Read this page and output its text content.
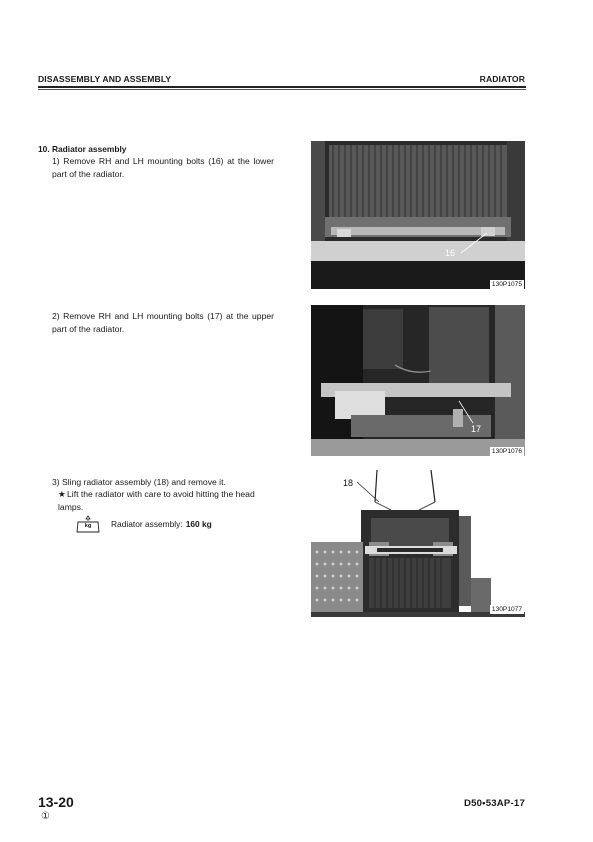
DISASSEMBLY AND ASSEMBLY	RADIATOR
10. Radiator assembly
1) Remove RH and LH mounting bolts (16) at the lower part of the radiator.
2) Remove RH and LH mounting bolts (17) at the upper part of the radiator.
3) Sling radiator assembly (18) and remove it.
★Lift the radiator with care to avoid hitting the head lamps.
kg	Radiator assembly: 160 kg
16
130P1075
17
130P1076
18
130P1077
13-20
①
D50•53AP-17
